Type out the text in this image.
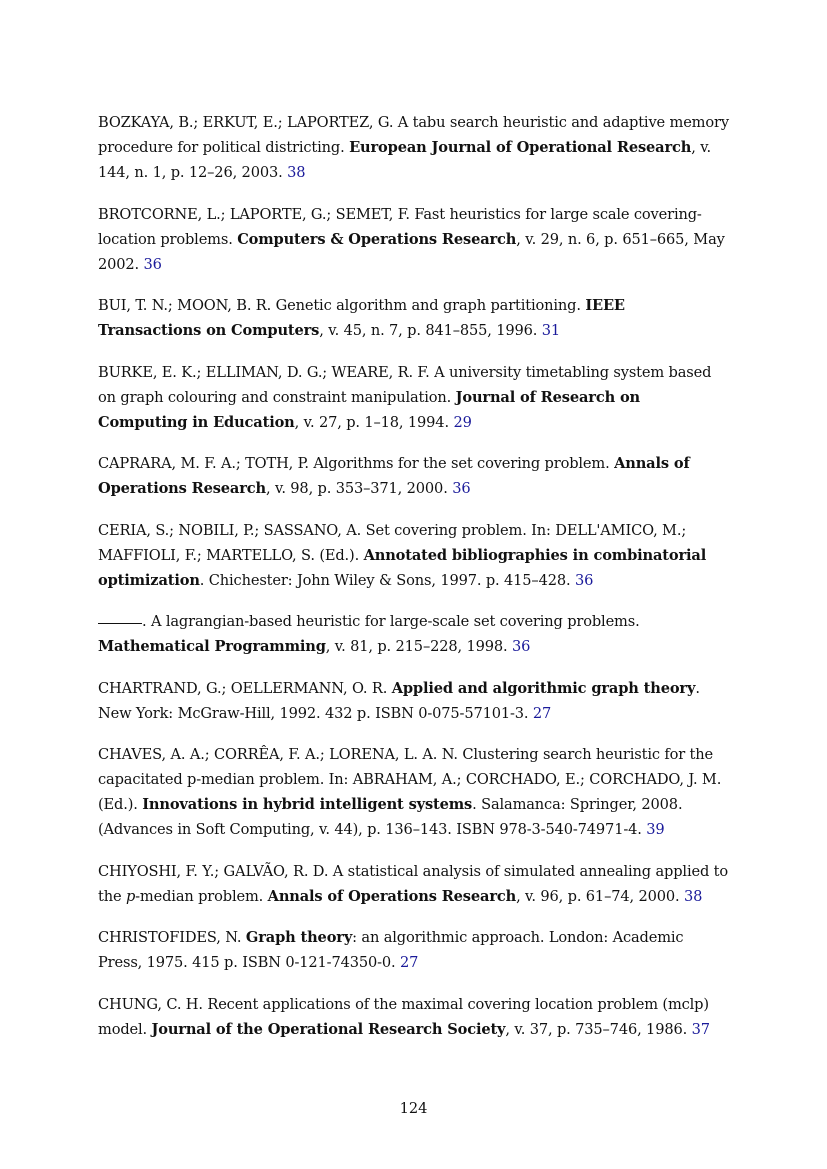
BOZKAYA, B.; ERKUT, E.; LAPORTEZ, G. A tabu search heuristic and adaptive memory procedure for political districting. European Journal of Operational Research, v. 144, n. 1, p. 12–26, 2003. 38

BROTCORNE, L.; LAPORTE, G.; SEMET, F. Fast heuristics for large scale covering-location problems. Computers & Operations Research, v. 29, n. 6, p. 651–665, May 2002. 36

BUI, T. N.; MOON, B. R. Genetic algorithm and graph partitioning. IEEE Transactions on Computers, v. 45, n. 7, p. 841–855, 1996. 31

BURKE, E. K.; ELLIMAN, D. G.; WEARE, R. F. A university timetabling system based on graph colouring and constraint manipulation. Journal of Research on Computing in Education, v. 27, p. 1–18, 1994. 29

CAPRARA, M. F. A.; TOTH, P. Algorithms for the set covering problem. Annals of Operations Research, v. 98, p. 353–371, 2000. 36

CERIA, S.; NOBILI, P.; SASSANO, A. Set covering problem. In: DELL'AMICO, M.; MAFFIOLI, F.; MARTELLO, S. (Ed.). Annotated bibliographies in combinatorial optimization. Chichester: John Wiley & Sons, 1997. p. 415–428. 36

. A lagrangian-based heuristic for large-scale set covering problems. Mathematical Programming, v. 81, p. 215–228, 1998. 36

CHARTRAND, G.; OELLERMANN, O. R. Applied and algorithmic graph theory. New York: McGraw-Hill, 1992. 432 p. ISBN 0-075-57101-3. 27

CHAVES, A. A.; CORRÊA, F. A.; LORENA, L. A. N. Clustering search heuristic for the capacitated p-median problem. In: ABRAHAM, A.; CORCHADO, E.; CORCHADO, J. M. (Ed.). Innovations in hybrid intelligent systems. Salamanca: Springer, 2008. (Advances in Soft Computing, v. 44), p. 136–143. ISBN 978-3-540-74971-4. 39

CHIYOSHI, F. Y.; GALVÃO, R. D. A statistical analysis of simulated annealing applied to the p-median problem. Annals of Operations Research, v. 96, p. 61–74, 2000. 38

CHRISTOFIDES, N. Graph theory: an algorithmic approach. London: Academic Press, 1975. 415 p. ISBN 0-121-74350-0. 27

CHUNG, C. H. Recent applications of the maximal covering location problem (mclp) model. Journal of the Operational Research Society, v. 37, p. 735–746, 1986. 37

124
